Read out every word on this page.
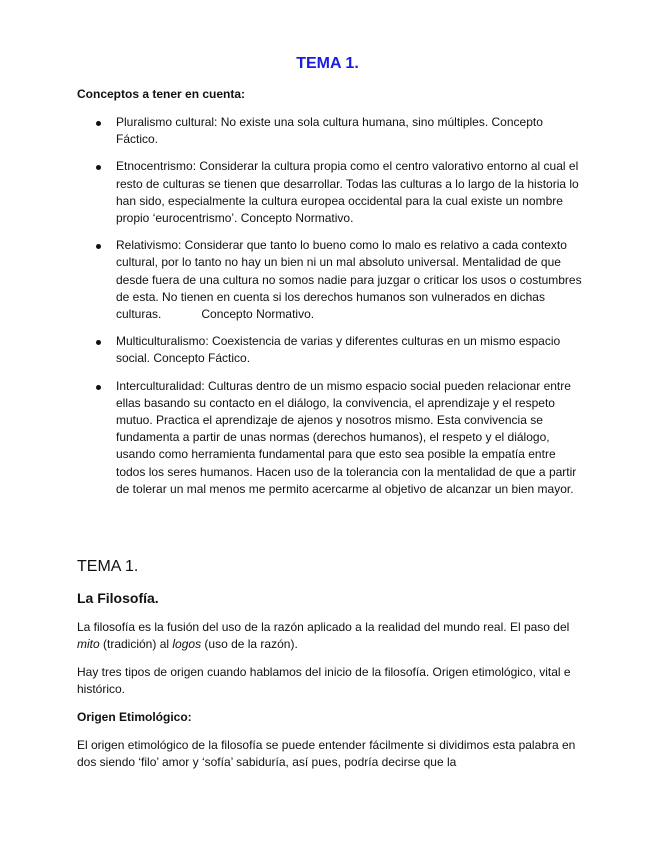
TEMA 1.

Conceptos a tener en cuenta:

Pluralismo cultural: No existe una sola cultura humana, sino múltiples. Concepto Fáctico.
Etnocentrismo: Considerar la cultura propia como el centro valorativo entorno al cual el resto de culturas se tienen que desarrollar. Todas las culturas a lo largo de la historia lo han sido, especialmente la cultura europea occidental para la cual existe un nombre propio ‘eurocentrismo’. Concepto Normativo.
Relativismo: Considerar que tanto lo bueno como lo malo es relativo a cada contexto cultural, por lo tanto no hay un bien ni un mal absoluto universal. Mentalidad de que desde fuera de una cultura no somos nadie para juzgar o criticar los usos o costumbres de esta. No tienen en cuenta si los derechos humanos son vulnerados en dichas culturas.            Concepto Normativo.
Multiculturalismo: Coexistencia de varias y diferentes culturas en un mismo espacio social. Concepto Fáctico.
Interculturalidad: Culturas dentro de un mismo espacio social pueden relacionar entre ellas basando su contacto en el diálogo, la convivencia, el aprendizaje y el respeto mutuo. Practica el aprendizaje de ajenos y nosotros mismo. Esta convivencia se fundamenta a partir de unas normas (derechos humanos), el respeto y el diálogo, usando como herramienta fundamental para que esto sea posible la empatía entre todos los seres humanos. Hacen uso de la tolerancia con la mentalidad de que a partir de tolerar un mal menos me permito acercarme al objetivo de alcanzar un bien mayor.
TEMA 1.
La Filosofía.

La filosofía es la fusión del uso de la razón aplicado a la realidad del mundo real. El paso del mito (tradición) al logos (uso de la razón).

Hay tres tipos de origen cuando hablamos del inicio de la filosofía. Origen etimológico, vital e histórico.

Origen Etimológico:

El origen etimológico de la filosofía se puede entender fácilmente si dividimos esta palabra en dos siendo ‘filo’ amor y ‘sofía’ sabiduría, así pues, podría decirse que la
